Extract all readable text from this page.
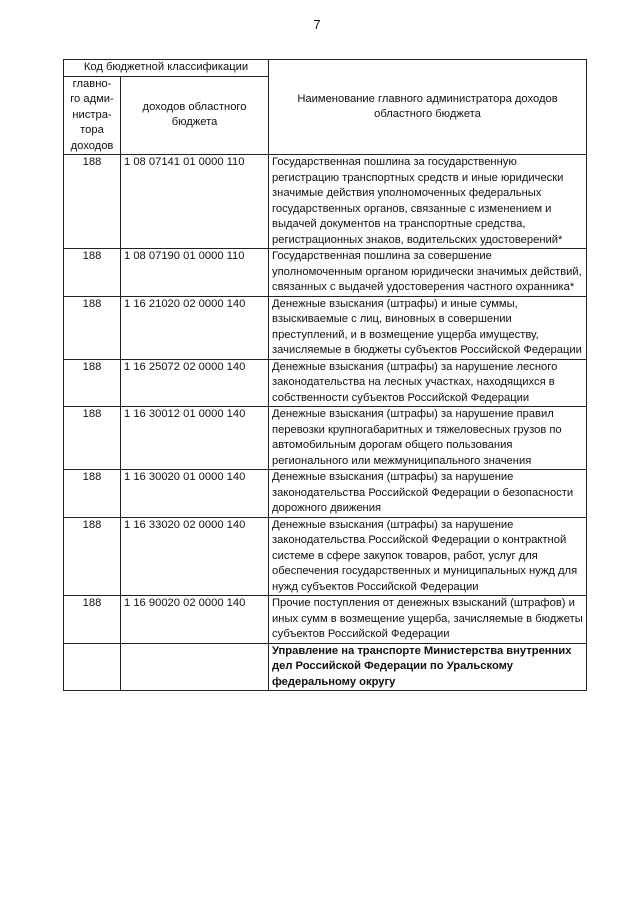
7
Код бюджетной классификации		Наименование главного администратора доходов областного бюджета
главно-
го адми-
нистра-
тора
доходов	доходов областного бюджета	
188	1 08 07141 01 0000 110	Государственная пошлина за государственную регистрацию транспортных средств и иные юридически значимые действия уполномоченных федеральных государственных органов, связанные с изменением и выдачей документов на транспортные средства, регистрационных знаков, водительских удостоверений*
188	1 08 07190 01 0000 110	Государственная пошлина за совершение уполномоченным органом юридически значимых действий, связанных с выдачей удостоверения частного охранника*
188	1 16 21020 02 0000 140	Денежные взыскания (штрафы) и иные суммы, взыскиваемые с лиц, виновных в совершении преступлений, и в возмещение ущерба имуществу, зачисляемые в бюджеты субъектов Российской Федерации
188	1 16 25072 02 0000 140	Денежные взыскания (штрафы) за нарушение лесного законодательства на лесных участках, находящихся в собственности субъектов Российской Федерации
188	1 16 30012 01 0000 140	Денежные взыскания (штрафы) за нарушение правил перевозки крупногабаритных и тяжеловесных грузов по автомобильным дорогам общего пользования регионального или межмуниципального значения
188	1 16 30020 01 0000 140	Денежные взыскания (штрафы) за нарушение законодательства Российской Федерации о безопасности дорожного движения
188	1 16 33020 02 0000 140	Денежные взыскания (штрафы) за нарушение законодательства Российской Федерации о контрактной системе в сфере закупок товаров, работ, услуг для обеспечения государственных и муниципальных нужд для нужд субъектов Российской Федерации
188	1 16 90020 02 0000 140	Прочие поступления от денежных взысканий (штрафов) и иных сумм в возмещение ущерба, зачисляемые в бюджеты субъектов Российской Федерации
		Управление на транспорте Министерства внутренних дел Российской Федерации по Уральскому федеральному округу
